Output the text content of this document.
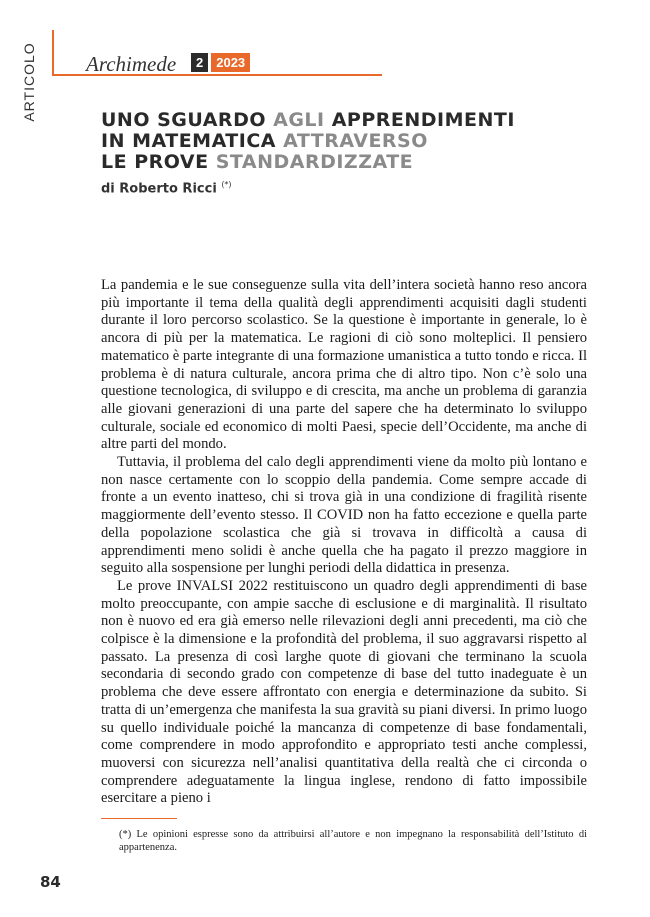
ARTICOLO Archimede	2	2023
UNO SGUARDO AGLI APPRENDIMENTI
IN MATEMATICA ATTRAVERSO
LE PROVE STANDARDIZZATE
di Roberto Ricci (*)

La pandemia e le sue conseguenze sulla vita dell’intera società hanno reso ancora più importante il tema della qualità degli apprendimenti acquisiti dagli studenti durante il loro percorso scolastico. Se la questione è importante in generale, lo è ancora di più per la matematica. Le ragioni di ciò sono molteplici. Il pensiero matematico è parte integrante di una formazione umanistica a tutto tondo e ricca. Il problema è di natura culturale, ancora prima che di altro tipo. Non c’è solo una questione tecnologica, di sviluppo e di crescita, ma anche un problema di garanzia alle giovani generazioni di una parte del sapere che ha determinato lo sviluppo culturale, sociale ed economico di molti Paesi, specie dell’Occidente, ma anche di altre parti del mondo.

Tuttavia, il problema del calo degli apprendimenti viene da molto più lontano e non nasce certamente con lo scoppio della pandemia. Come sempre accade di fronte a un evento inatteso, chi si trova già in una condizione di fragilità risente maggiormente dell’evento stesso. Il COVID non ha fatto eccezione e quella parte della popolazione scolastica che già si trovava in difficoltà a causa di apprendimenti meno solidi è anche quella che ha pagato il prezzo maggiore in seguito alla sospensione per lunghi periodi della didattica in presenza.

Le prove INVALSI 2022 restituiscono un quadro degli apprendimenti di base molto preoccupante, con ampie sacche di esclusione e di marginalità. Il risultato non è nuovo ed era già emerso nelle rilevazioni degli anni precedenti, ma ciò che colpisce è la dimensione e la profondità del problema, il suo aggravarsi rispetto al passato. La presenza di così larghe quote di giovani che terminano la scuola secondaria di secondo grado con competenze di base del tutto inadeguate è un problema che deve essere affrontato con energia e determinazione da subito. Si tratta di un’emergenza che manifesta la sua gravità su piani diversi. In primo luogo su quello individuale poiché la mancanza di competenze di base fondamentali, come comprendere in modo approfondito e appropriato testi anche complessi, muoversi con sicurezza nell’analisi quantitativa della realtà che ci circonda o comprendere adeguatamente la lingua inglese, rendono di fatto impossibile esercitare a pieno i

(*) Le opinioni espresse sono da attribuirsi all’autore e non impegnano la responsabilità dell’Istituto di appartenenza.
84
